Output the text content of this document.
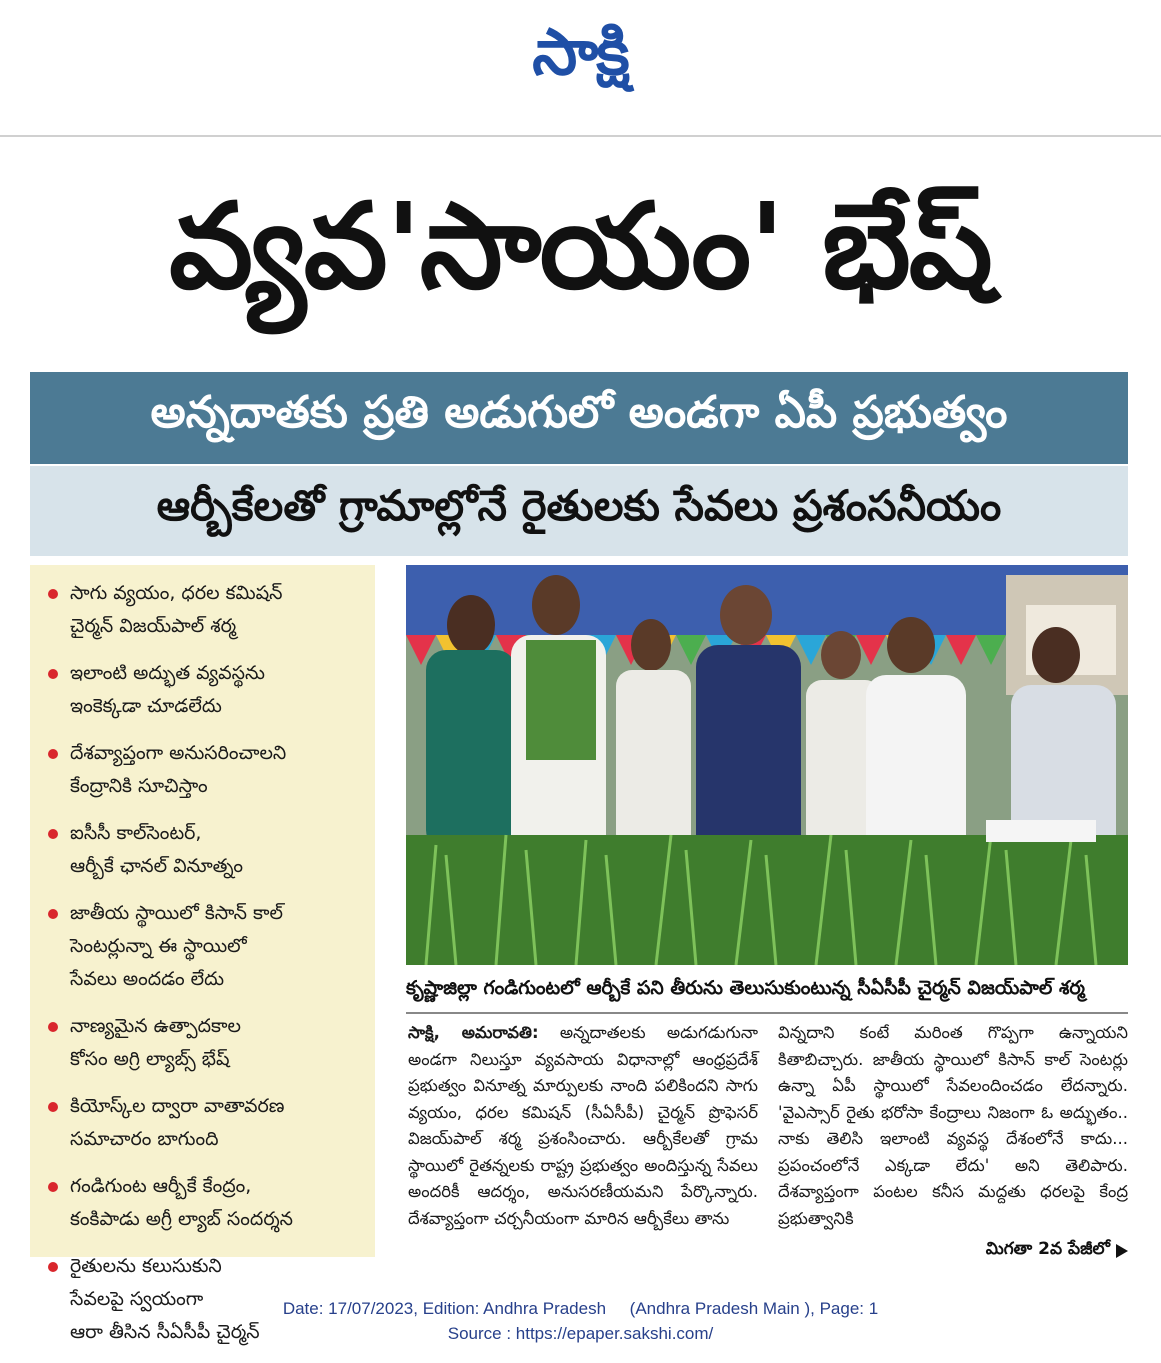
సాక్షి
వ్యవ'సాయం' భేష్‌
అన్నదాతకు ప్రతి అడుగులో అండగా ఏపీ ప్రభుత్వం
ఆర్బీకేలతో గ్రామాల్లోనే రైతులకు సేవలు ప్రశంసనీయం
సాగు వ్యయం, ధరల కమిషన్‌
చైర్మన్‌ విజయ్‌పాల్‌ శర్మ
ఇలాంటి అద్భుత వ్యవస్థను
ఇంకెక్కడా చూడలేదు
దేశవ్యాప్తంగా అనుసరించాలని
కేంద్రానికి సూచిస్తాం
ఐసీసీ కాల్‌సెంటర్‌,
ఆర్బీకే ఛానల్‌ వినూత్నం
జాతీయ స్థాయిలో కిసాన్‌ కాల్‌
సెంటర్లున్నా ఈ స్థాయిలో
సేవలు అందడం లేదు
నాణ్యమైన ఉత్పాదకాల
కోసం అగ్రి ల్యాబ్స్‌ భేష్‌
కియోస్క్‌ల ద్వారా వాతావరణ
సమాచారం బాగుంది
గండిగుంట ఆర్బీకే కేంద్రం,
కంకిపాడు అగ్రీ ల్యాబ్‌ సందర్శన
రైతులను కలుసుకుని
సేవలపై స్వయంగా
ఆరా తీసిన సీఏసీపీ చైర్మన్‌
కృష్ణాజిల్లా గండిగుంటలో ఆర్బీకే పని తీరును తెలుసుకుంటున్న సీఏసీపీ చైర్మన్‌ విజయ్‌పాల్‌ శర్మ
సాక్షి, అమరావతి: అన్నదాతలకు అడుగడుగునా అండగా నిలుస్తూ వ్యవసాయ విధానాల్లో ఆంధ్రప్రదేశ్‌ ప్రభుత్వం వినూత్న మార్పులకు నాంది పలికిందని సాగు వ్యయం, ధరల కమిషన్‌ (సీఏసీపీ) చైర్మన్‌ ప్రొఫెసర్‌ విజయ్‌పాల్‌ శర్మ ప్రశంసించారు. ఆర్బీకేలతో గ్రామ స్థాయిలో రైతన్నలకు రాష్ట్ర ప్రభుత్వం అందిస్తున్న సేవలు అందరికీ ఆదర్శం, అనుసరణీయమని పేర్కొన్నారు. దేశవ్యాప్తంగా చర్చనీయంగా మారిన ఆర్బీకేలు తాను
విన్నదాని కంటే మరింత గొప్పగా ఉన్నాయని కితాబిచ్చారు. జాతీయ స్థాయిలో కిసాన్‌ కాల్‌ సెంటర్లు ఉన్నా ఏపీ స్థాయిలో సేవలందించడం లేదన్నారు. 'వైఎస్సార్‌ రైతు భరోసా కేంద్రాలు నిజంగా ఓ అద్భుతం.. నాకు తెలిసి ఇలాంటి వ్యవస్థ దేశంలోనే కాదు... ప్రపంచంలోనే ఎక్కడా లేదు' అని తెలిపారు. దేశవ్యాప్తంగా పంటల కనీస మద్దతు ధరలపై కేంద్ర ప్రభుత్వానికి
మిగతా 2వ పేజీలో
Date: 17/07/2023, Edition: Andhra Pradesh     (Andhra Pradesh Main ), Page: 1
Source : https://epaper.sakshi.com/
